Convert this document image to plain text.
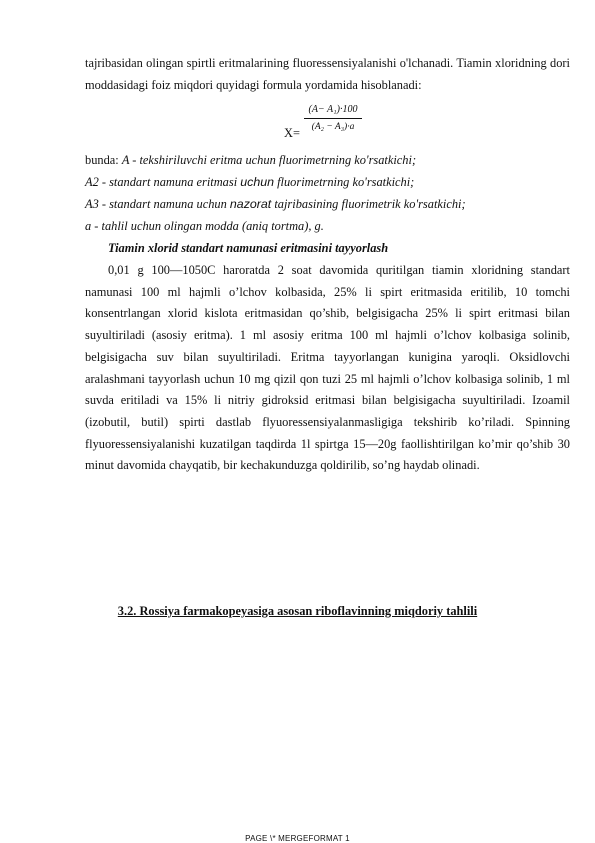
tajribasidan olingan spirtli eritmalarining fluoressensiyalanishi o'lchanadi. Tiamin xloridning dori moddasidagi foiz miqdori quyidagi formula yordamida hisoblanadi:

$X= \frac{\text{(A− A₁)·100}}{\text{(A₂ − A₃)·a}}$

bunda: A - tekshiriluvchi eritma uchun fluorimetrning ko'rsatkichi;

A2 - standart namuna eritmasi uchun fluorimetrning ko'rsatkichi;

A3 - standart namuna uchun nazorat tajribasining fluorimetrik ko'rsatkichi;

a - tahlil uchun olingan modda (aniq tortma), g.

Tiamin xlorid standart namunasi eritmasini tayyorlash

0,01 g 100—1050C haroratda 2 soat davomida quritilgan tiamin xloridning standart namunasi 100 ml hajmli o’lchov kolbasida, 25% li spirt eritmasida eritilib, 10 tomchi konsentrlangan xlorid kislota eritmasidan qo’shib, belgisigacha 25% li spirt eritmasi bilan suyultiriladi (asosiy eritma). 1 ml asosiy eritma 100 ml hajmli o’lchov kolbasiga solinib, belgisigacha suv bilan suyultiriladi. Eritma tayyorlangan kunigina yaroqli. Oksidlovchi aralashmani tayyorlash uchun 10 mg qizil qon tuzi 25 ml hajmli o’lchov kolbasiga solinib, 1 ml suvda eritiladi va 15% li nitriy gidroksid eritmasi bilan belgisigacha suyultiriladi. Izoamil (izobutil, butil) spirti dastlab flyuoressensiyalanmasligiga tekshirib ko’riladi. Spinning flyuoressensiyalanishi kuzatilgan taqdirda 1l spirtga 15—20g faollishtirilgan ko’mir qo’shib 30 minut davomida chayqatib, bir kechakunduzga qoldirilib, so’ng haydab olinadi.

3.2. Rossiya farmakopeyasiga asosan riboflavinning miqdoriy tahlili
PAGE \* MERGEFORMAT 1
